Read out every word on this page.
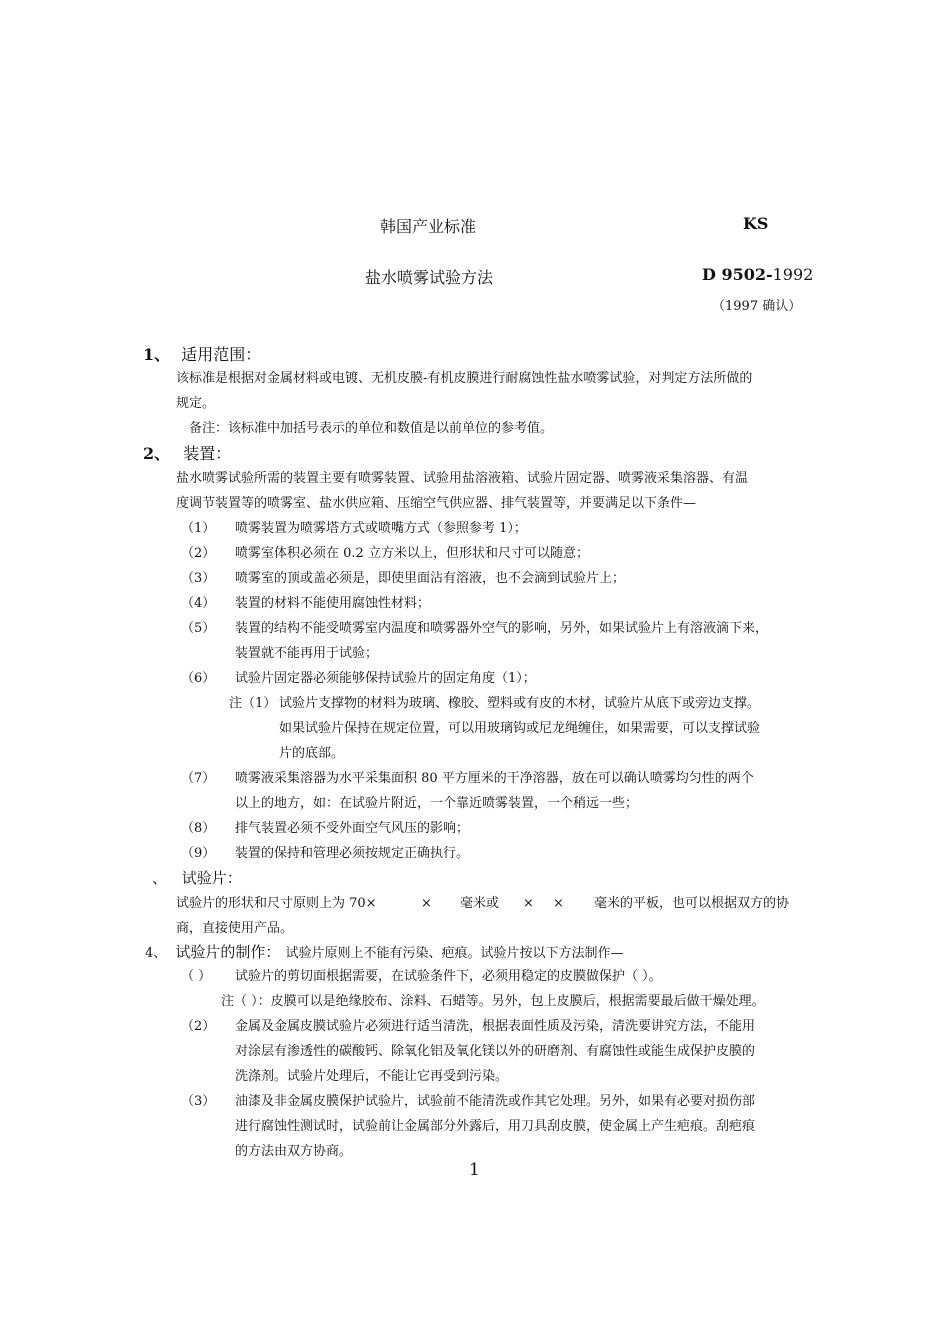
韩国产业标准	KS
盐水喷雾试验方法	D 9502-1992
（1997 确认）
1、 适用范围：
该标准是根据对金属材料或电镀、无机皮膜-有机皮膜进行耐腐蚀性盐水喷雾试验，对判定方法所做的
规定。
备注：该标准中加括号表示的单位和数值是以前单位的参考值。
2、 装置：
盐水喷雾试验所需的装置主要有喷雾装置、试验用盐溶液箱、试验片固定器、喷雾液采集溶器、有温
度调节装置等的喷雾室、盐水供应箱、压缩空气供应器、排气装置等，并要满足以下条件—
（1） 喷雾装置为喷雾塔方式或喷嘴方式（参照参考 1）；
（2） 喷雾室体积必须在 0.2 立方米以上，但形状和尺寸可以随意；
（3） 喷雾室的顶或盖必须是，即使里面沾有溶液，也不会滴到试验片上；
（4） 装置的材料不能使用腐蚀性材料；
（5） 装置的结构不能受喷雾室内温度和喷雾器外空气的影响，另外，如果试验片上有溶液滴下来，
装置就不能再用于试验；
（6） 试验片固定器必须能够保持试验片的固定角度（1）；
注（1） 试验片支撑物的材料为玻璃、橡胶、塑料或有皮的木材，试验片从底下或旁边支撑。
如果试验片保持在规定位置，可以用玻璃钩或尼龙绳缠住，如果需要，可以支撑试验
片的底部。
（7） 喷雾液采集溶器为水平采集面积 80 平方厘米的干净溶器，放在可以确认喷雾均匀性的两个
以上的地方，如：在试验片附近，一个靠近喷雾装置，一个稍远一些；
（8） 排气装置必须不受外面空气风压的影响；
（9） 装置的保持和管理必须按规定正确执行。
、 试验片：
试验片的形状和尺寸原则上为 70×	× 毫米或 × × 毫米的平板，也可以根据双方的协
商，直接使用产品。
4、 试验片的制作： 试验片原则上不能有污染、疤痕。试验片按以下方法制作—
（ ） 试验片的剪切面根据需要，在试验条件下，必须用稳定的皮膜做保护（ ）。
注（ ）：皮膜可以是绝缘胶布、涂料、石蜡等。另外，包上皮膜后，根据需要最后做干燥处理。
（2） 金属及金属皮膜试验片必须进行适当清洗，根据表面性质及污染，清洗要讲究方法，不能用
对涂层有渗透性的碳酸钙、除氧化铝及氧化镁以外的研磨剂、有腐蚀性或能生成保护皮膜的
洗涤剂。试验片处理后，不能让它再受到污染。
（3） 油漆及非金属皮膜保护试验片，试验前不能清洗或作其它处理。另外，如果有必要对损伤部
进行腐蚀性测试时，试验前让金属部分外露后，用刀具刮皮膜，使金属上产生疤痕。刮疤痕
的方法由双方协商。
1
